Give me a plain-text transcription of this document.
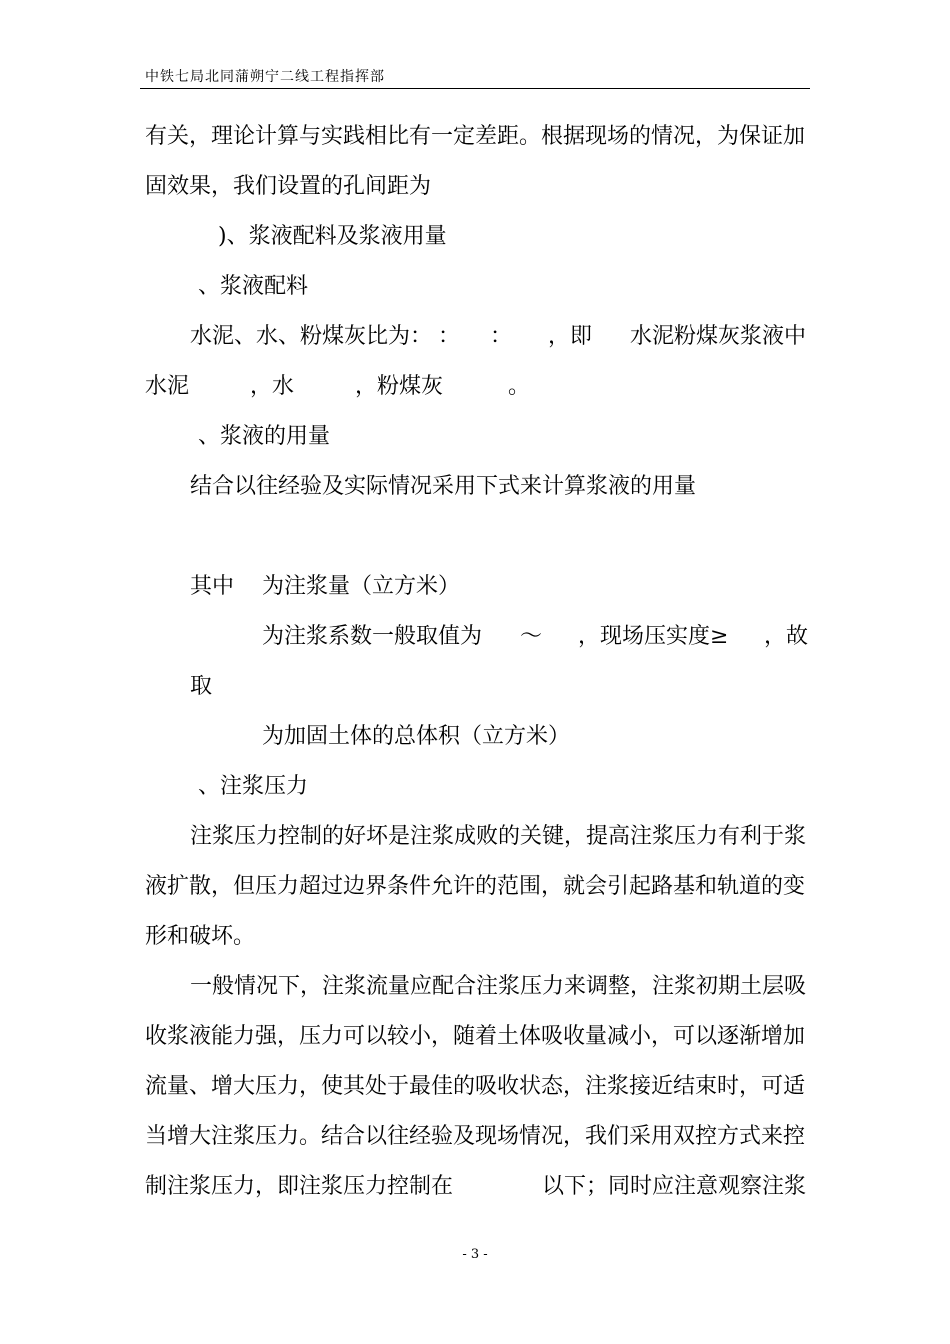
中铁七局北同蒲朔宁二线工程指挥部
有关，理论计算与实践相比有一定差距。根据现场的情况，为保证加
固效果，我们设置的孔间距为
)、浆液配料及浆液用量
、浆液配料
水泥、水、粉煤灰比为： ： ： ，即 水泥粉煤灰浆液中
水泥	，水	，粉煤灰	。
、浆液的用量
结合以往经验及实际情况采用下式来计算浆液的用量
其中    为注浆量（立方米）
为注浆系数一般取值为 ～ ，现场压实度≥ ，故
取
为加固土体的总体积（立方米）
、注浆压力
注浆压力控制的好坏是注浆成败的关键，提高注浆压力有利于浆
液扩散，但压力超过边界条件允许的范围，就会引起路基和轨道的变
形和破坏。
一般情况下，注浆流量应配合注浆压力来调整，注浆初期土层吸
收浆液能力强，压力可以较小，随着土体吸收量减小，可以逐渐增加
流量、增大压力，使其处于最佳的吸收状态，注浆接近结束时，可适
当增大注浆压力。结合以往经验及现场情况，我们采用双控方式来控
制注浆压力，即注浆压力控制在	以下；同时应注意观察注浆
- 3 -
